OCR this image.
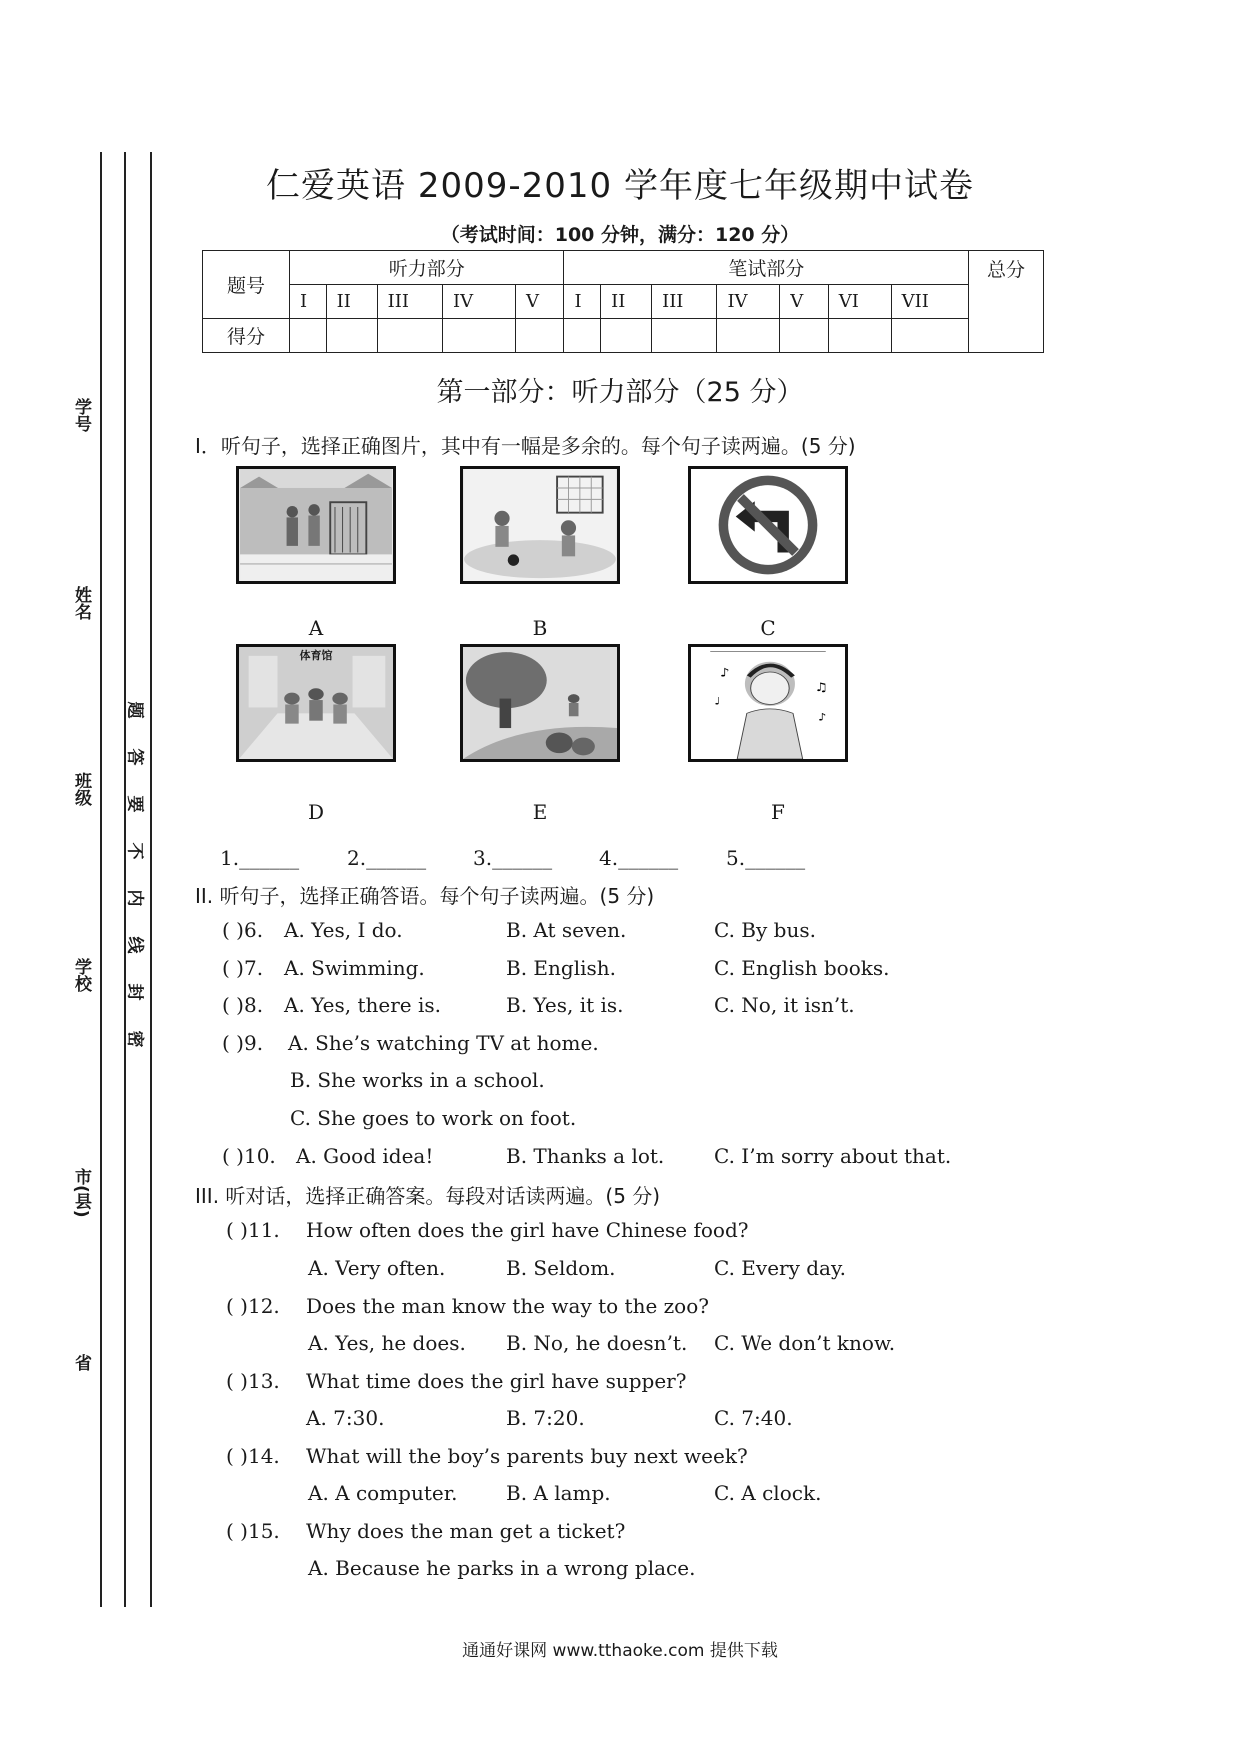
学号
姓名
班级
学校
市(县)
省
题
答
要
不
内
线
封
密
仁爱英语 2009-2010 学年度七年级期中试卷
（考试时间：100 分钟，满分：120 分）
题号	听力部分					笔试部分							总分
	I	II	III	IV	V	I	II	III	IV	V	VI	VII	
得分													
第一部分：听力部分（25 分）
I．听句子，选择正确图片，其中有一幅是多余的。每个句子读两遍。(5 分)
A	B	C
体育馆
D	E
♪
♫
♪
♩
F
1.______ 2.______ 3.______ 4.______ 5.______
II. 听句子，选择正确答语。每个句子读两遍。(5 分)
( )6. A. Yes, I do.	B. At seven.	C. By bus.
( )7. A. Swimming.	B. English.	C. English books.
( )8. A. Yes, there is.	B. Yes, it is.	C. No, it isn’t.
( )9. A. She’s watching TV at home.
B. She works in a school.
C. She goes to work on foot.
( )10. A. Good idea!	B. Thanks a lot. C. I’m sorry about that.
III. 听对话，选择正确答案。每段对话读两遍。(5 分)
( )11. How often does the girl have Chinese food?
A. Very often.	B. Seldom.	C. Every day.
( )12. Does the man know the way to the zoo?
A. Yes, he does. B. No, he doesn’t. C. We don’t know.
( )13. What time does the girl have supper?
A. 7:30.	B. 7:20.	C. 7:40.
( )14. What will the boy’s parents buy next week?
A. A computer. B. A lamp.	C. A clock.
( )15. Why does the man get a ticket?
A. Because he parks in a wrong place.
通通好课网 www.tthaoke.com 提供下载
